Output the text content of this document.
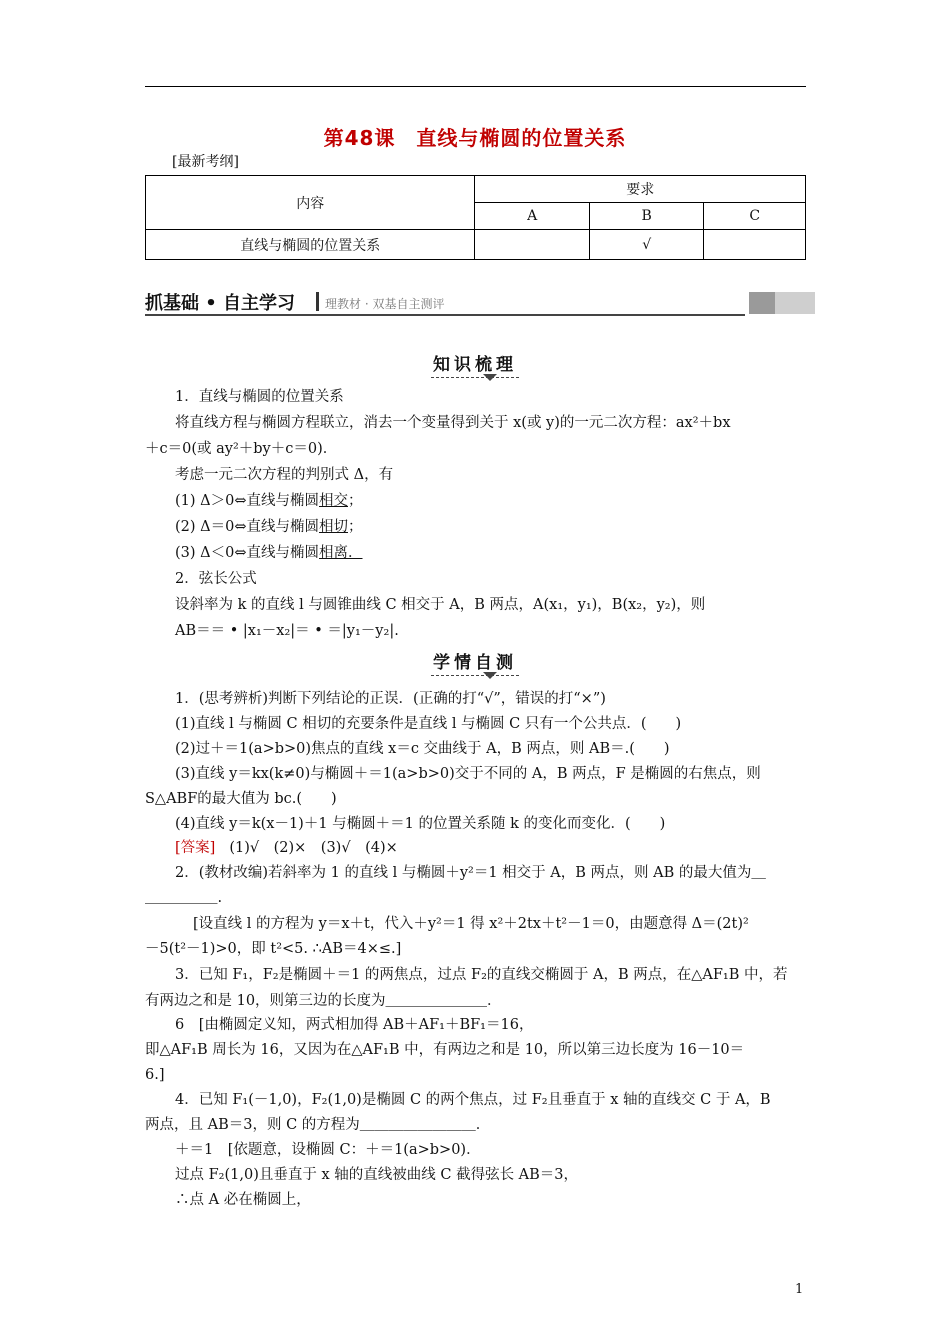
第48课　直线与椭圆的位置关系
[最新考纲]
内容	要求		
	A	B	C
直线与椭圆的位置关系		√	
抓基础 • 自主学习 理教材 · 双基自主测评
知识梳理
1．直线与椭圆的位置关系
将直线方程与椭圆方程联立，消去一个变量得到关于 x(或 y)的一元二次方程：ax²＋bx
＋c＝0(或 ay²＋by＋c＝0)．
考虑一元二次方程的判别式 Δ，有
(1) Δ＞0⇔直线与椭圆相交；
(2) Δ＝0⇔直线与椭圆相切；
(3) Δ＜0⇔直线与椭圆相离．
2．弦长公式
设斜率为 k 的直线 l 与圆锥曲线 C 相交于 A，B 两点，A(x₁，y₁)，B(x₂，y₂)，则
AB＝＝ • |x₁－x₂|＝ • ＝|y₁－y₂|.
学情自测
1．(思考辨析)判断下列结论的正误．(正确的打“√”，错误的打“×”)
(1)直线 l 与椭圆 C 相切的充要条件是直线 l 与椭圆 C 只有一个公共点．(　　)
(2)过＋＝1(a>b>0)焦点的直线 x＝c 交曲线于 A，B 两点，则 AB＝.(　　)
(3)直线 y＝kx(k≠0)与椭圆＋＝1(a>b>0)交于不同的 A，B 两点，F 是椭圆的右焦点，则
S△ABF的最大值为 bc.(　　)
(4)直线 y＝k(x－1)＋1 与椭圆＋＝1 的位置关系随 k 的变化而变化．(　　)
[答案] (1)√　(2)×　(3)√　(4)×
2．(教材改编)若斜率为 1 的直线 l 与椭圆＋y²＝1 相交于 A，B 两点，则 AB 的最大值为＿
＿＿＿＿＿.
[设直线 l 的方程为 y＝x＋t，代入＋y²＝1 得 x²＋2tx＋t²－1＝0，由题意得 Δ＝(2t)²
－5(t²－1)>0，即 t²<5. ∴AB＝4×≤.]
3．已知 F₁，F₂是椭圆＋＝1 的两焦点，过点 F₂的直线交椭圆于 A，B 两点，在△AF₁B 中，若
有两边之和是 10，则第三边的长度为＿＿＿＿＿＿＿．
6　[由椭圆定义知，两式相加得 AB＋AF₁＋BF₁＝16，
即△AF₁B 周长为 16，又因为在△AF₁B 中，有两边之和是 10，所以第三边长度为 16－10＝
6.]
4．已知 F₁(－1,0)，F₂(1,0)是椭圆 C 的两个焦点，过 F₂且垂直于 x 轴的直线交 C 于 A，B
两点，且 AB＝3，则 C 的方程为＿＿＿＿＿＿＿＿．
＋＝1　[依题意，设椭圆 C：＋＝1(a>b>0)．
过点 F₂(1,0)且垂直于 x 轴的直线被曲线 C 截得弦长 AB＝3，
∴点 A 必在椭圆上，
1
